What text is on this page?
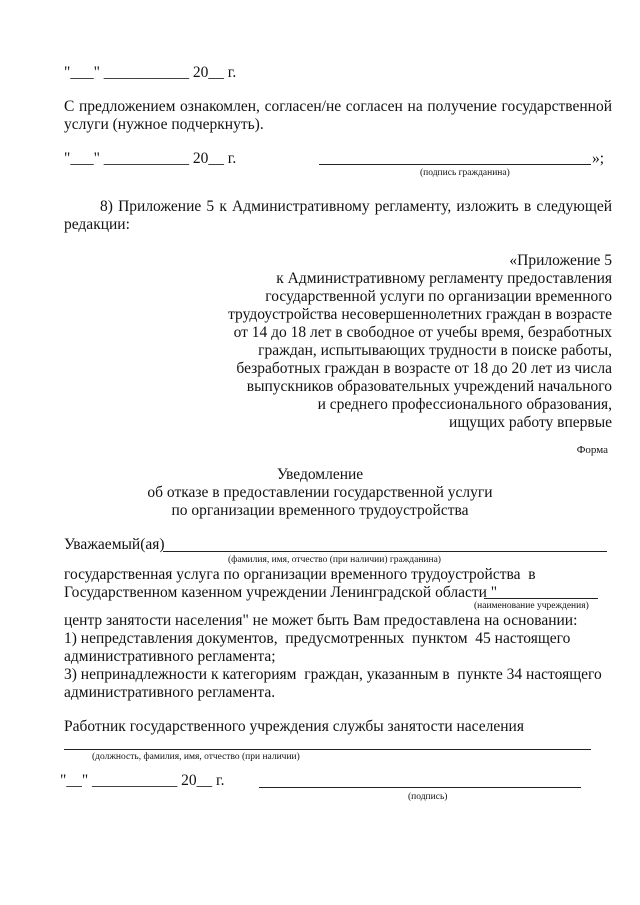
"___" ___________ 20__ г.
С предложением ознакомлен, согласен/не согласен на получение государственной
услуги (нужное подчеркнуть).
"___" ___________ 20__ г.	»;
(подпись гражданина)
8) Приложение 5 к Административному регламенту, изложить в следующей
редакции:
«Приложение 5
к Административному регламенту предоставления
государственной услуги по организации временного
трудоустройства несовершеннолетних граждан в возрасте
от 14 до 18 лет в свободное от учебы время, безработных
граждан, испытывающих трудности в поиске работы,
безработных граждан в возрасте от 18 до 20 лет из числа
выпускников образовательных учреждений начального
и среднего профессионального образования,
ищущих работу впервые
Форма
Уведомление
об отказе в предоставлении государственной услуги
по организации временного трудоустройства
Уважаемый(ая)
(фамилия, имя, отчество (при наличии) гражданина)
государственная услуга по организации временного трудоустройства  в
Государственном казенном учреждении Ленинградской области "
(наименование учреждения)
центр занятости населения" не может быть Вам предоставлена на основании:
1) непредставления документов,  предусмотренных  пунктом  45 настоящего
административного регламента;
3) непринадлежности к категориям  граждан, указанным в  пункте 34 настоящего
административного регламента.
Работник государственного учреждения службы занятости населения
(должность, фамилия, имя, отчество (при наличии)
"__" ___________ 20__ г.
(подпись)
